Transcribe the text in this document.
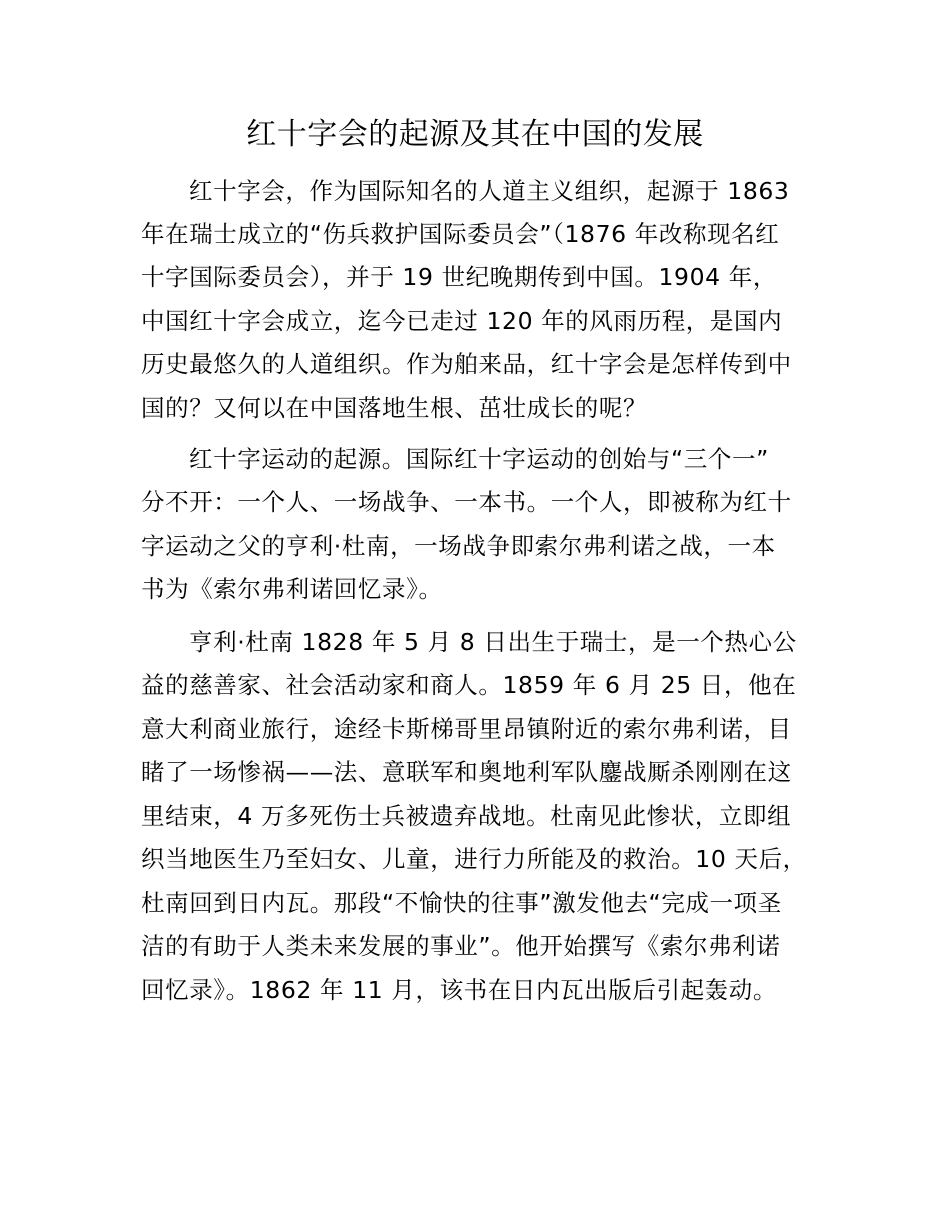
红十字会的起源及其在中国的发展
红十字会，作为国际知名的人道主义组织，起源于 1863
年在瑞士成立的“伤兵救护国际委员会”（1876 年改称现名红
十字国际委员会），并于 19 世纪晚期传到中国。1904 年，
中国红十字会成立，迄今已走过 120 年的风雨历程，是国内
历史最悠久的人道组织。作为舶来品，红十字会是怎样传到中
国的？又何以在中国落地生根、茁壮成长的呢？
红十字运动的起源。国际红十字运动的创始与“三个一”
分不开：一个人、一场战争、一本书。一个人，即被称为红十
字运动之父的亨利·杜南，一场战争即索尔弗利诺之战，一本
书为《索尔弗利诺回忆录》。
亨利·杜南 1828 年 5 月 8 日出生于瑞士，是一个热心公
益的慈善家、社会活动家和商人。1859 年 6 月 25 日，他在
意大利商业旅行，途经卡斯梯哥里昂镇附近的索尔弗利诺，目
睹了一场惨祸——法、意联军和奥地利军队鏖战厮杀刚刚在这
里结束，4 万多死伤士兵被遗弃战地。杜南见此惨状，立即组
织当地医生乃至妇女、儿童，进行力所能及的救治。10 天后，
杜南回到日内瓦。那段“不愉快的往事”激发他去“完成一项圣
洁的有助于人类未来发展的事业”。他开始撰写《索尔弗利诺
回忆录》。1862 年 11 月，该书在日内瓦出版后引起轰动。
